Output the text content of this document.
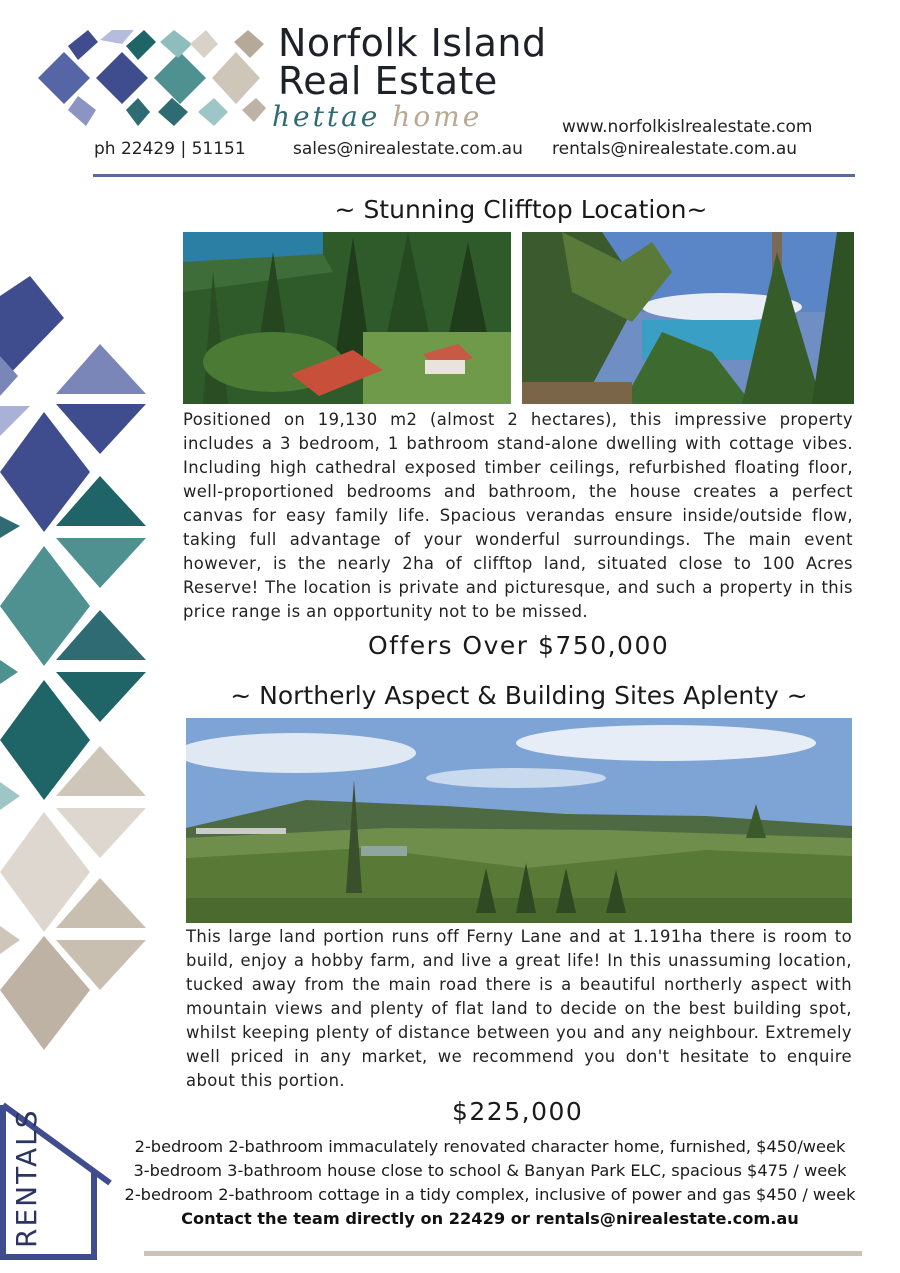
Norfolk Island
Real Estate
hettae home	www.norfolkislrealestate.com
ph 22429 | 51151	sales@nirealestate.com.au rentals@nirealestate.com.au
~ Stunning Clifftop Location~
Positioned on 19,130 m2 (almost 2 hectares), this impressive property includes a 3 bedroom, 1 bathroom stand-alone dwelling with cottage vibes. Including high cathedral exposed timber ceilings, refurbished floating floor, well-proportioned bedrooms and bathroom, the house creates a perfect canvas for easy family life. Spacious verandas ensure inside/outside flow, taking full advantage of your wonderful surroundings. The main event however, is the nearly 2ha of clifftop land, situated close to 100 Acres Reserve! The location is private and picturesque, and such a property in this price range is an opportunity not to be missed.
Offers Over $750,000
~ Northerly Aspect & Building Sites Aplenty ~
This large land portion runs off Ferny Lane and at 1.191ha there is room to build, enjoy a hobby farm, and live a great life! In this unassuming location, tucked away from the main road there is a beautiful northerly aspect with mountain views and plenty of flat land to decide on the best building spot, whilst keeping plenty of distance between you and any neighbour. Extremely well priced in any market, we recommend you don't hesitate to enquire about this portion.
$225,000
RENTALS	2-bedroom 2-bathroom immaculately renovated character home, furnished, $450/week
3-bedroom 3-bathroom house close to school & Banyan Park ELC, spacious $475 / week
2-bedroom 2-bathroom cottage in a tidy complex, inclusive of power and gas $450 / week
Contact the team directly on 22429 or rentals@nirealestate.com.au
